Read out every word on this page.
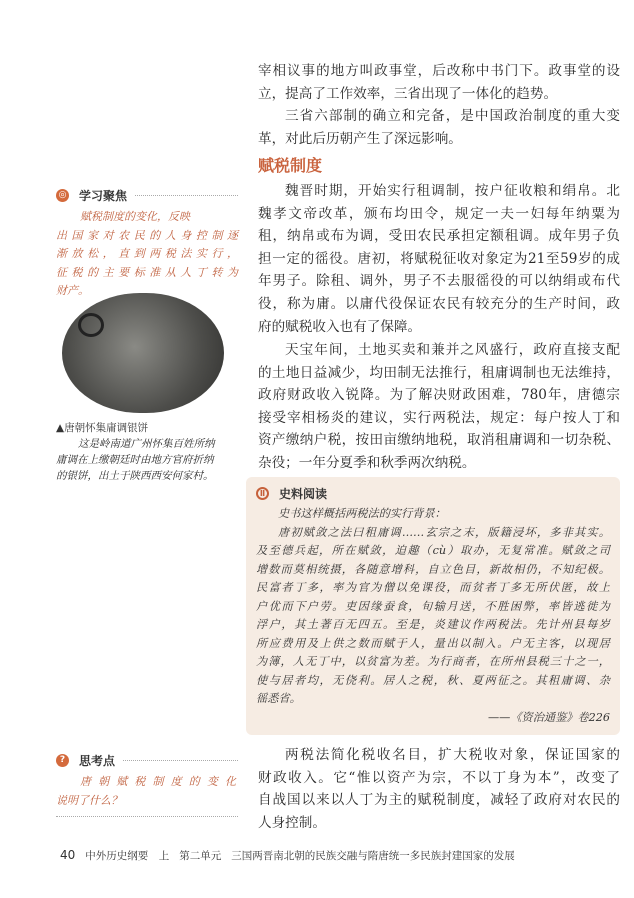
宰相议事的地方叫政事堂，后改称中书门下。政事堂的设
立，提高了工作效率，三省出现了一体化的趋势。
三省六部制的确立和完备，是中国政治制度的重大变
革，对此后历朝产生了深远影响。
赋税制度
魏晋时期，开始实行租调制，按户征收粮和绢帛。北
魏孝文帝改革，颁布均田令，规定一夫一妇每年纳粟为
租，纳帛或布为调，受田农民承担定额租调。成年男子负
担一定的徭役。唐初，将赋税征收对象定为21至59岁的成
年男子。除租、调外，男子不去服徭役的可以纳绢或布代
役，称为庸。以庸代役保证农民有较充分的生产时间，政
府的赋税收入也有了保障。
天宝年间，土地买卖和兼并之风盛行，政府直接支配
的土地日益减少，均田制无法推行，租庸调制也无法维持，
政府财政收入锐降。为了解决财政困难，780年，唐德宗
接受宰相杨炎的建议，实行两税法，规定：每户按人丁和
资产缴纳户税，按田亩缴纳地税，取消租庸调和一切杂税、
杂役；一年分夏季和秋季两次纳税。
◎ 学习聚焦
赋税制度的变化，反映
出国家对农民的人身控制逐
渐放松，直到两税法实行，
征税的主要标准从人丁转为
财产。
▲唐朝怀集庸调银饼
这是岭南道广州怀集百姓所纳
庸调在上缴朝廷时由地方官府折纳
的银饼，出土于陕西西安何家村。
Ⅱ	史料阅读
史书这样概括两税法的实行背景：
唐初赋敛之法曰租庸调……玄宗之末，版籍浸坏，多非其实。
及至德兵起，所在赋敛，迫趣（cù）取办，无复常准。赋敛之司
增数而莫相统摄，各随意增科，自立色目，新故相仍，不知纪极。
民富者丁多，率为官为僧以免课役，而贫者丁多无所伏匿，故上
户优而下户劳。吏因缘蚕食，旬输月送，不胜困弊，率皆逃徙为
浮户，其土著百无四五。至是，炎建议作两税法。先计州县每岁
所应费用及上供之数而赋于人，量出以制入。户无主客，以现居
为簿，人无丁中，以贫富为差。为行商者，在所州县税三十之一，
使与居者均，无侥利。居人之税，秋、夏两征之。其租庸调、杂
徭悉省。
——《资治通鉴》卷226
两税法简化税收名目，扩大税收对象，保证国家的
财政收入。它“惟以资产为宗，不以丁身为本”，改变了
自战国以来以人丁为主的赋税制度，减轻了政府对农民的
人身控制。
?	思考点
唐朝赋税制度的变化
说明了什么？
40 中外历史纲要　上 第二单元 三国两晋南北朝的民族交融与隋唐统一多民族封建国家的发展
